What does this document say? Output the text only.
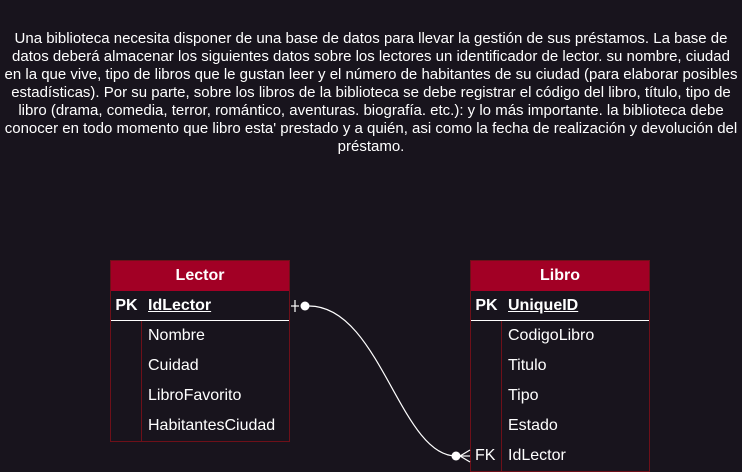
Una biblioteca necesita disponer de una base de datos para llevar la gestión de sus préstamos. La base de datos deberá almacenar los siguientes datos sobre los lectores un identificador de lector. su nombre, ciudad en la que vive, tipo de libros que le gustan leer y el número de habitantes de su ciudad (para elaborar posibles estadísticas). Por su parte, sobre los libros de la biblioteca se debe registrar el código del libro, título, tipo de libro (drama, comedia, terror, romántico, aventuras. biografía. etc.): y lo más importante. la biblioteca debe conocer en todo momento que libro esta' prestado y a quién, asi como la fecha de realización y devolución del préstamo.

Lector
PK IdLector
Nombre
Cuidad
LibroFavorito
HabitantesCiudad
Libro
PK UniqueID
CodigoLibro
Titulo
Tipo
Estado
IdLector
FK
